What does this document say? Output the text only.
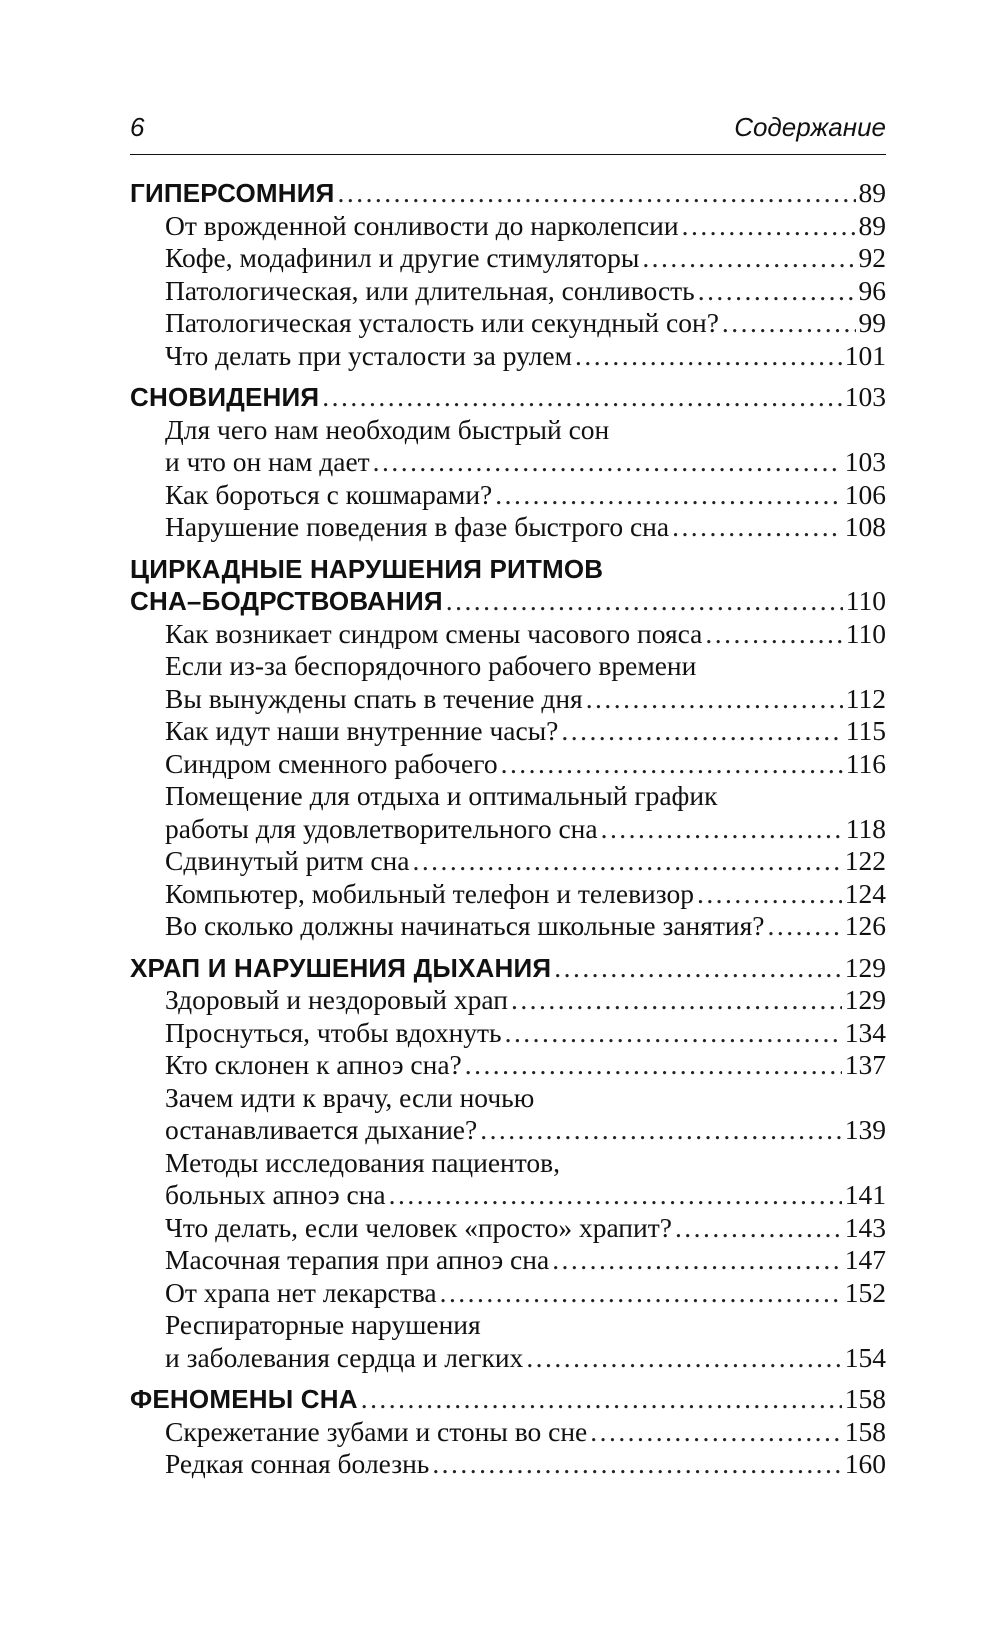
6	Содержание
ГИПЕРСОМНИЯ . . .	89
От врожденной сонливости до нарколепсии . . .	89
Кофе, модафинил и другие стимуляторы . . .	92
Патологическая, или длительная, сонливость . . .	96
Патологическая усталость или секундный сон? . . .	99
Что делать при усталости за рулем . . .	101
СНОВИДЕНИЯ . . .	103
Для чего нам необходим быстрый сон
и что он нам дает . . .	103
Как бороться с кошмарами? . . .	106
Нарушение поведения в фазе быстрого сна . . .	108
ЦИРКАДНЫЕ НАРУШЕНИЯ РИТМОВ
СНА–БОДРСТВОВАНИЯ . . .	110
Как возникает синдром смены часового пояса . . .	110
Если из-за беспорядочного рабочего времени
Вы вынуждены спать в течение дня . . .	112
Как идут наши внутренние часы? . . .	115
Синдром сменного рабочего . . .	116
Помещение для отдыха и оптимальный график
работы для удовлетворительного сна . . .	118
Сдвинутый ритм сна . . .	122
Компьютер, мобильный телефон и телевизор . . .	124
Во сколько должны начинаться школьные занятия? . . .	126
ХРАП И НАРУШЕНИЯ ДЫХАНИЯ . . .	129
Здоровый и нездоровый храп . . .	129
Проснуться, чтобы вдохнуть . . .	134
Кто склонен к апноэ сна? . . .	137
Зачем идти к врачу, если ночью
останавливается дыхание? . . .	139
Методы исследования пациентов,
больных апноэ сна . . .	141
Что делать, если человек «просто» храпит? . . .	143
Масочная терапия при апноэ сна . . .	147
От храпа нет лекарства . . .	152
Респираторные нарушения
и заболевания сердца и легких . . .	154
ФЕНОМЕНЫ СНА . . .	158
Скрежетание зубами и стоны во сне . . .	158
Редкая сонная болезнь . . .	160
